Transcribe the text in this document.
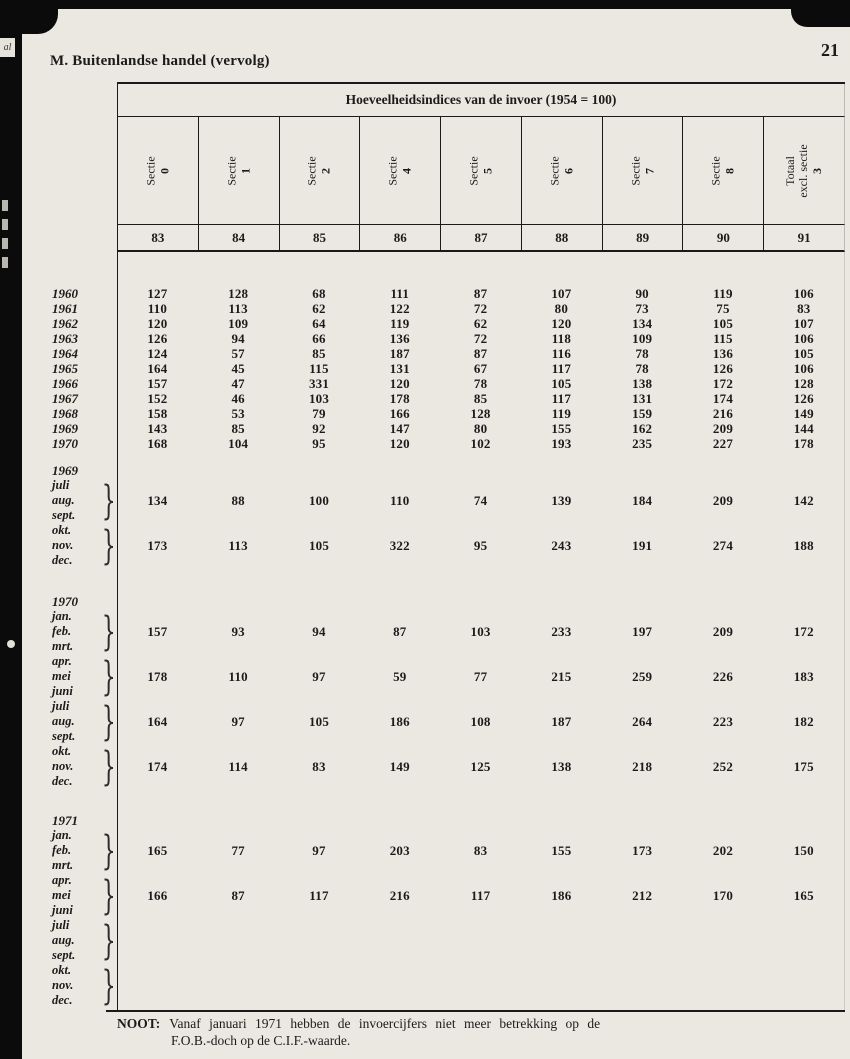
M. Buitenlandse handel (vervolg)
21
Hoeveelheidsindices van de invoer (1954 = 100)
Sectie 0	Sectie 1	Sectie 2	Sectie 4	Sectie 5	Sectie 6	Sectie 7	Sectie 8	Totaal excl. sectie 3
83	84	85	86	87	88	89	90	91
1960	127	128	68	111	87	107	90	119	106
1961	110	113	62	122	72	80	73	75	83
1962	120	109	64	119	62	120	134	105	107
1963	126	94	66	136	72	118	109	115	106
1964	124	57	85	187	87	116	78	136	105
1965	164	45	115	131	67	117	78	126	106
1966	157	47	331	120	78	105	138	172	128
1967	152	46	103	178	85	117	131	174	126
1968	158	53	79	166	128	119	159	216	149
1969	143	85	92	147	80	155	162	209	144
1970	168	104	95	120	102	193	235	227	178
1969
juli
aug.
sept. }	134	88	100	110	74	139	184	209	142
okt.
nov.
dec. }	173	113	105	322	95	243	191	274	188
1970
jan.
feb.
mrt. }	157	93	94	87	103	233	197	209	172
apr.
mei
juni }	178	110	97	59	77	215	259	226	183
juli
aug.
sept. }	164	97	105	186	108	187	264	223	182
okt.
nov.
dec. }	174	114	83	149	125	138	218	252	175
1971
jan.
feb.
mrt. }	165	77	97	203	83	155	173	202	150
apr.
mei
juni }	166	87	117	216	117	186	212	170	165
juli
aug.
sept. }
okt.
nov.
dec. }
NOOT: Vanaf januari 1971 hebben de invoercijfers niet meer betrekking op de
F.O.B.-doch op de C.I.F.-waarde.
al
